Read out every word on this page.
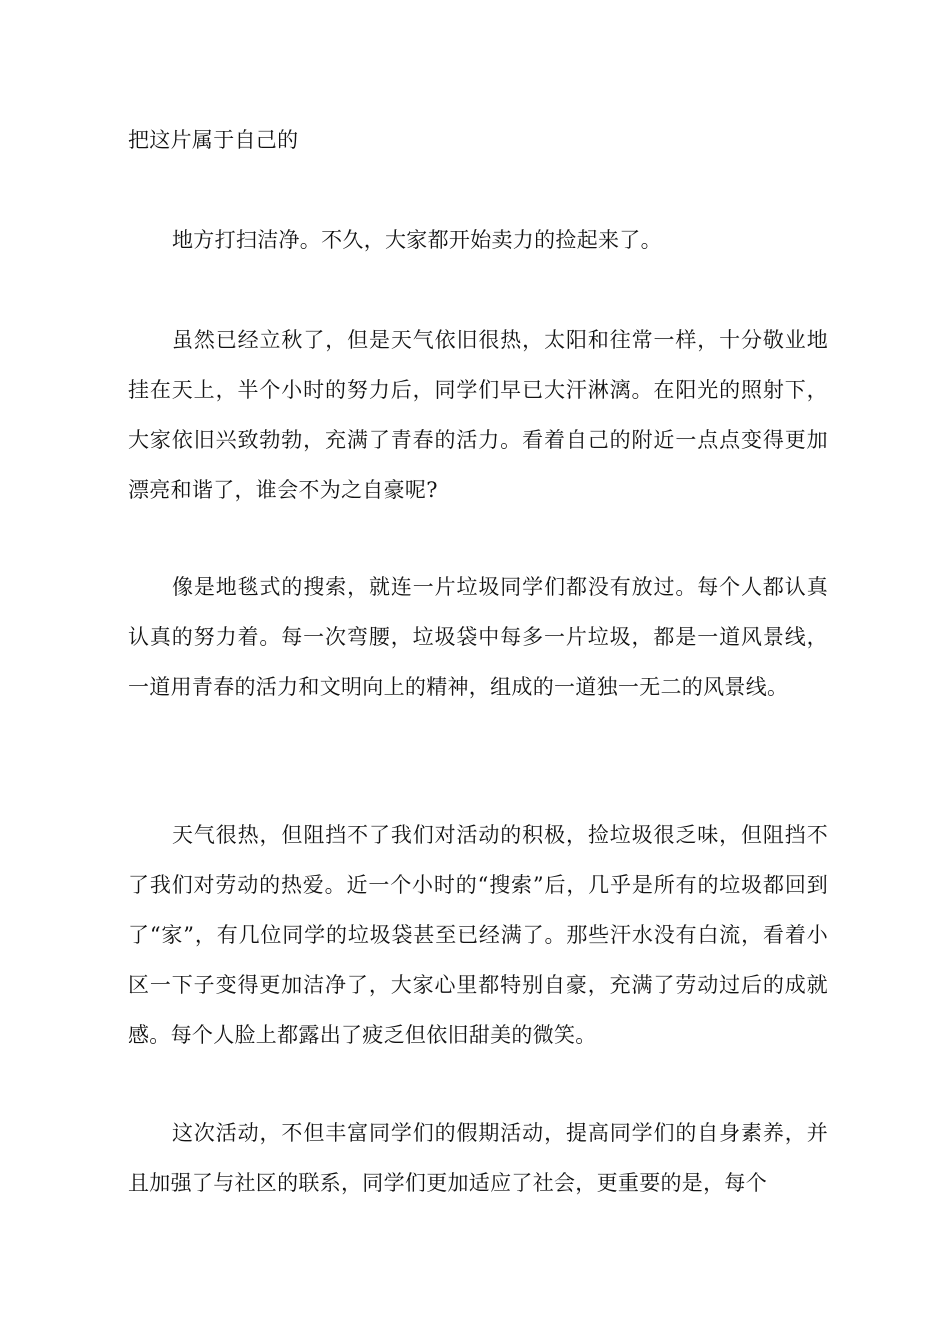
把这片属于自己的

地方打扫洁净。不久，大家都开始卖力的捡起来了。

虽然已经立秋了，但是天气依旧很热，太阳和往常一样，十分敬业地挂在天上，半个小时的努力后，同学们早已大汗淋漓。在阳光的照射下，大家依旧兴致勃勃，充满了青春的活力。看着自己的附近一点点变得更加漂亮和谐了，谁会不为之自豪呢?

像是地毯式的搜索，就连一片垃圾同学们都没有放过。每个人都认真认真的努力着。每一次弯腰，垃圾袋中每多一片垃圾，都是一道风景线，一道用青春的活力和文明向上的精神，组成的一道独一无二的风景线。

天气很热，但阻挡不了我们对活动的积极，捡垃圾很乏味，但阻挡不了我们对劳动的热爱。近一个小时的“搜索”后，几乎是所有的垃圾都回到了“家”，有几位同学的垃圾袋甚至已经满了。那些汗水没有白流，看着小区一下子变得更加洁净了，大家心里都特别自豪，充满了劳动过后的成就感。每个人脸上都露出了疲乏但依旧甜美的微笑。

这次活动，不但丰富同学们的假期活动，提高同学们的自身素养，并且加强了与社区的联系，同学们更加适应了社会，更重要的是，每个
